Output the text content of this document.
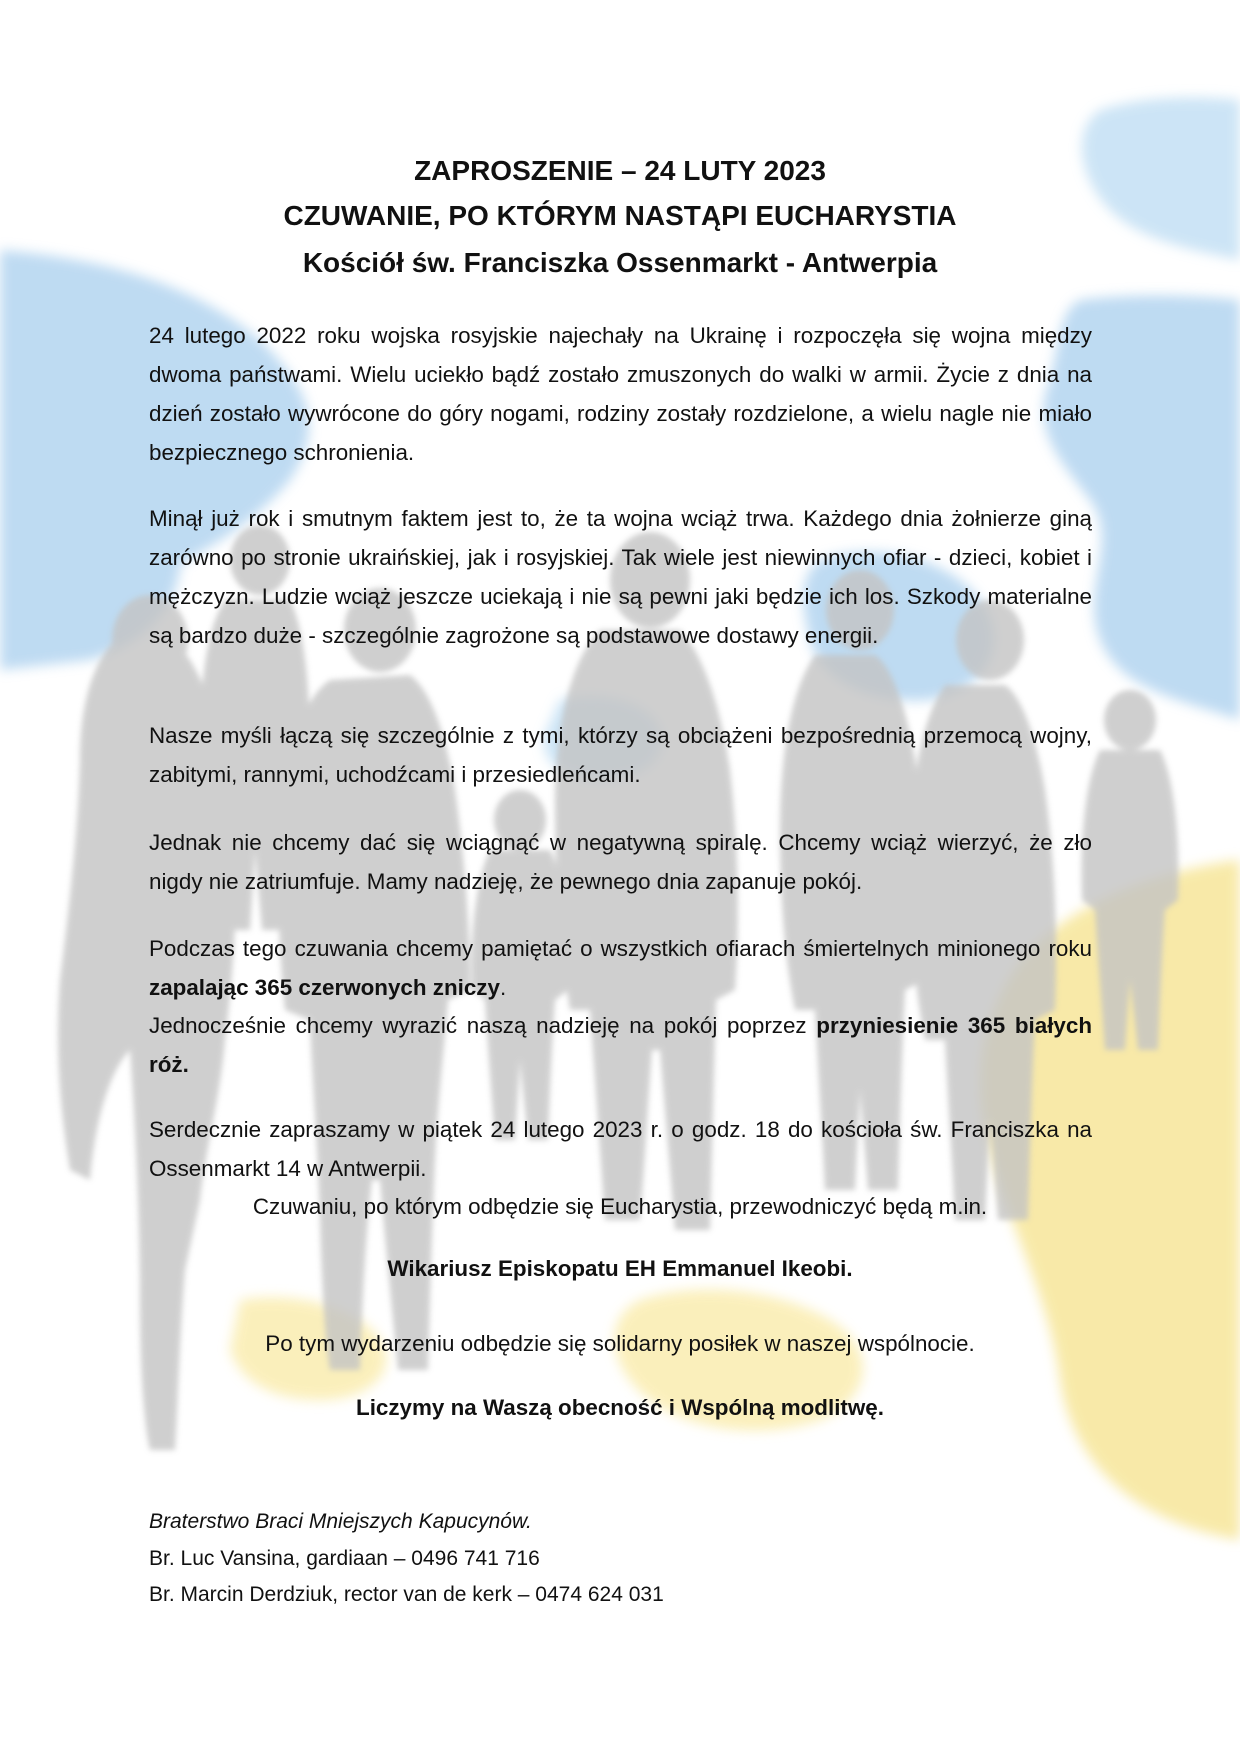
ZAPROSZENIE – 24 LUTY 2023
CZUWANIE, PO KTÓRYM NASTĄPI EUCHARYSTIA
Kościół św. Franciszka Ossenmarkt - Antwerpia
24 lutego 2022 roku wojska rosyjskie najechały na Ukrainę i rozpoczęła się wojna między dwoma państwami. Wielu uciekło bądź zostało zmuszonych do walki w armii. Życie z dnia na dzień zostało wywrócone do góry nogami, rodziny zostały rozdzielone, a wielu nagle nie miało bezpiecznego schronienia.
Minął już rok i smutnym faktem jest to, że ta wojna wciąż trwa. Każdego dnia żołnierze giną zarówno po stronie ukraińskiej, jak i rosyjskiej. Tak wiele jest niewinnych ofiar - dzieci, kobiet i mężczyzn. Ludzie wciąż jeszcze uciekają i nie są pewni jaki będzie ich los. Szkody materialne są bardzo duże - szczególnie zagrożone są podstawowe dostawy energii.
Nasze myśli łączą się szczególnie z tymi, którzy są obciążeni bezpośrednią przemocą wojny, zabitymi, rannymi, uchodźcami i przesiedleńcami.
Jednak nie chcemy dać się wciągnąć w negatywną spiralę. Chcemy wciąż wierzyć, że zło nigdy nie zatriumfuje. Mamy nadzieję, że pewnego dnia zapanuje pokój.
Podczas tego czuwania chcemy pamiętać o wszystkich ofiarach śmiertelnych minionego roku zapalając 365 czerwonych zniczy.
Jednocześnie chcemy wyrazić naszą nadzieję na pokój poprzez przyniesienie 365 białych róż.
Serdecznie zapraszamy w piątek 24 lutego 2023 r. o godz. 18 do kościoła św. Franciszka na Ossenmarkt 14 w Antwerpii.
Czuwaniu, po którym odbędzie się Eucharystia, przewodniczyć będą m.in.
Wikariusz Episkopatu EH Emmanuel Ikeobi.
Po tym wydarzeniu odbędzie się solidarny posiłek w naszej wspólnocie.
Liczymy na Waszą obecność i Wspólną modlitwę.
Braterstwo Braci Mniejszych Kapucynów.
Br. Luc Vansina, gardiaan – 0496 741 716
Br. Marcin Derdziuk, rector van de kerk – 0474 624 031
